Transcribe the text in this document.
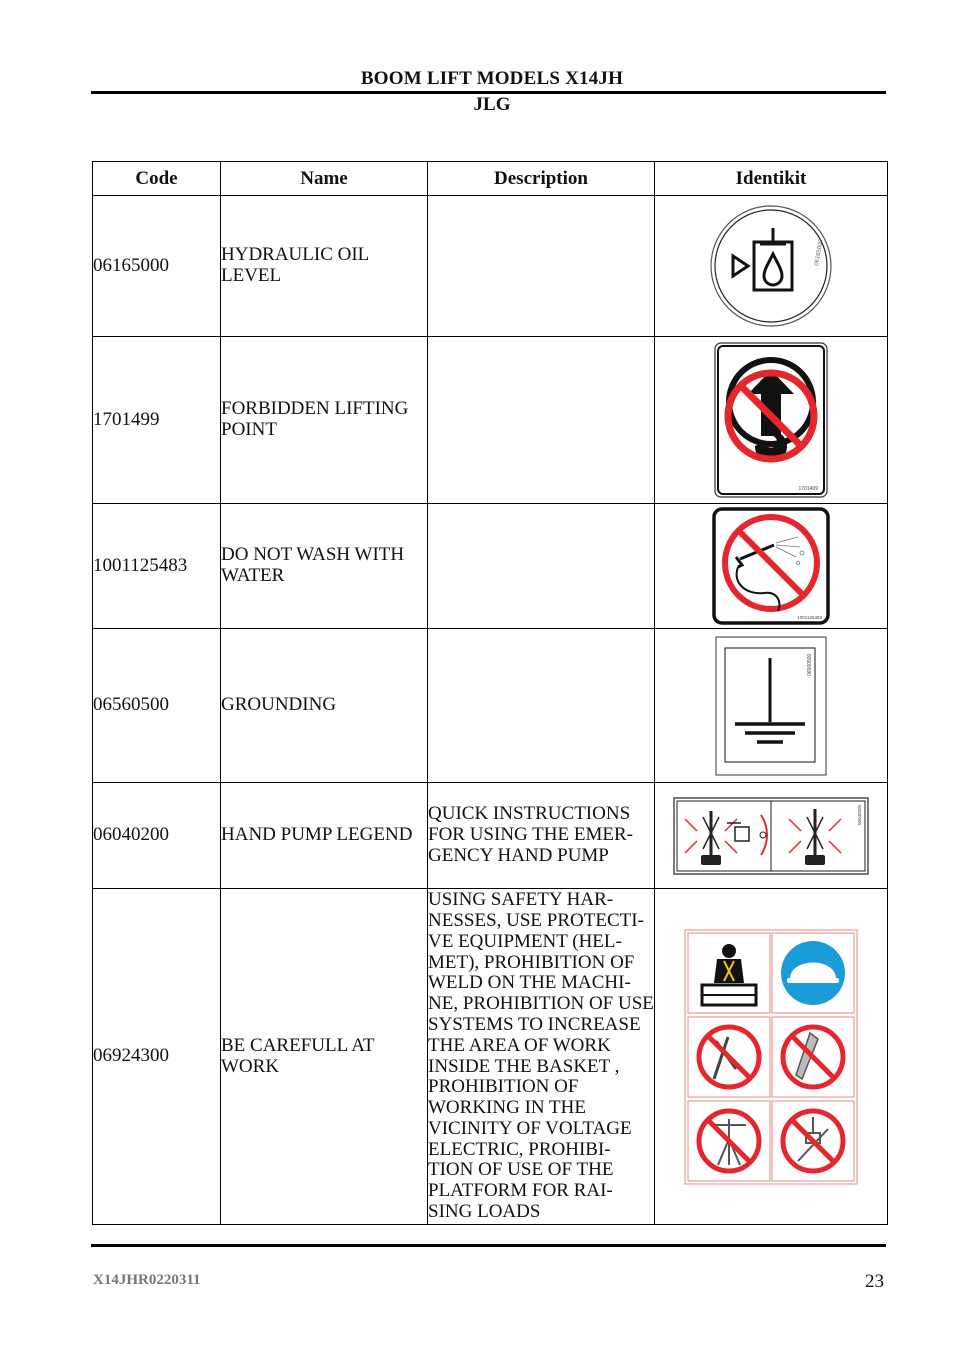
BOOM LIFT MODELS X14JH
JLG
Code	Name	Description	Identikit
06165000	HYDRAULIC OIL LEVEL		06165000

1701499	FORBIDDEN LIFTING POINT		1701499

1001125483	DO NOT WASH WITH WATER		1001125483

06560500	GROUNDING		06560500

06040200	HAND PUMP LEGEND	QUICK INSTRUCTIONS FOR USING THE EMER-GENCY HAND PUMP	06040200

06924300	BE CAREFULL AT WORK	USING SAFETY HAR-NESSES, USE PROTECTI-VE EQUIPMENT (HEL-MET), PROHIBITION OF WELD ON THE MACHI-NE, PROHIBITION OF USE SYSTEMS TO INCREASE THE AREA OF WORK INSIDE THE BASKET , PROHIBITION OF WORKING IN THE VICINITY OF VOLTAGE ELECTRIC, PROHIBI-TION OF USE OF THE PLATFORM FOR RAI-SING LOADS	
X14JHR0220311	23
